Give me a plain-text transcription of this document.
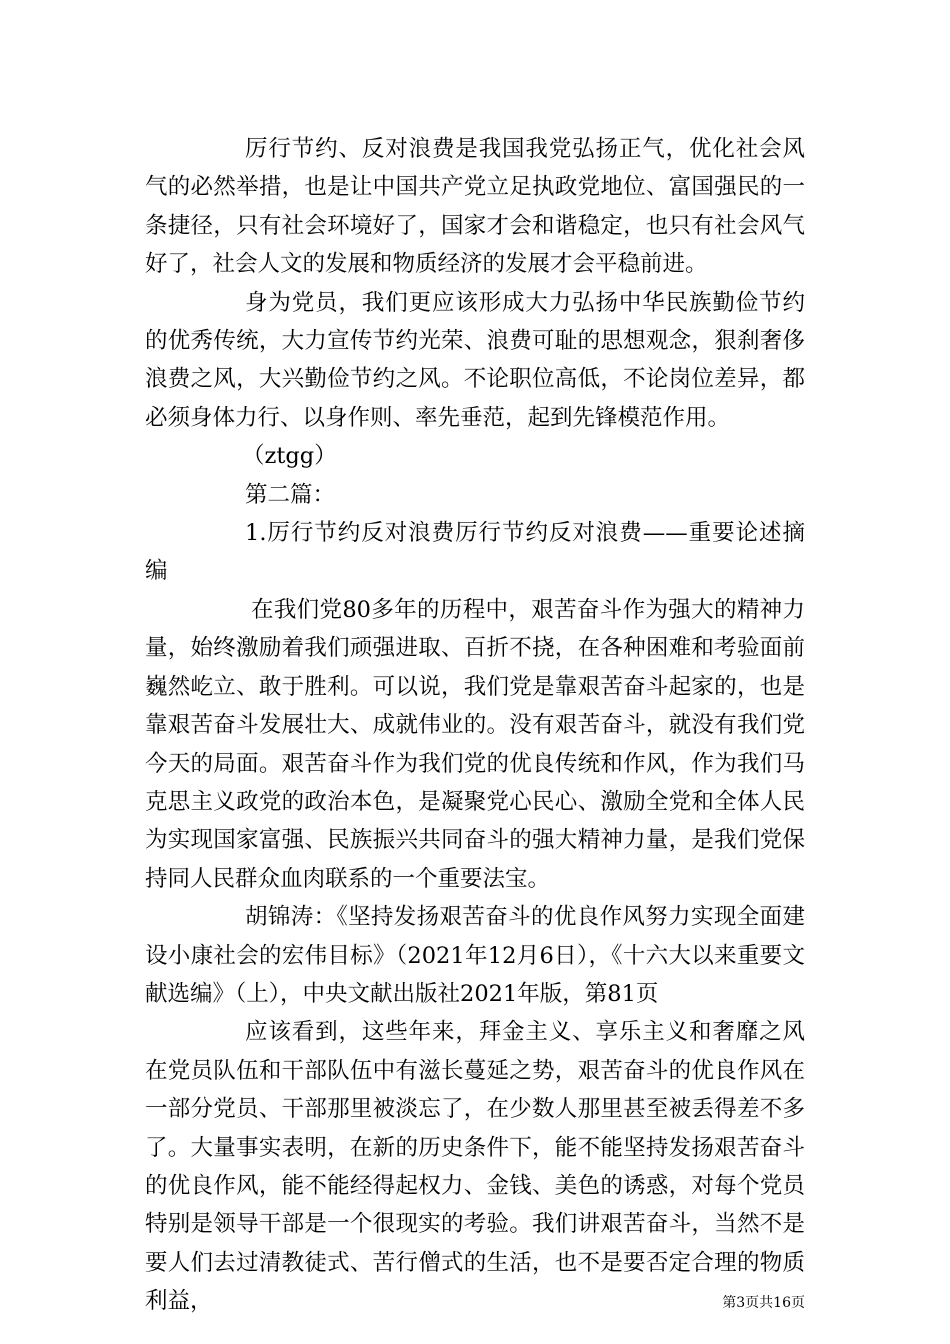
厉行节约、反对浪费是我国我党弘扬正气，优化社会风气的必然举措，也是让中国共产党立足执政党地位、富国强民的一条捷径，只有社会环境好了，国家才会和谐稳定，也只有社会风气好了，社会人文的发展和物质经济的发展才会平稳前进。

身为党员，我们更应该形成大力弘扬中华民族勤俭节约的优秀传统，大力宣传节约光荣、浪费可耻的思想观念，狠刹奢侈浪费之风，大兴勤俭节约之风。不论职位高低，不论岗位差异，都必须身体力行、以身作则、率先垂范，起到先锋模范作用。

（ztgg）

第二篇：

1.厉行节约反对浪费厉行节约反对浪费——重要论述摘编

在我们党80多年的历程中，艰苦奋斗作为强大的精神力量，始终激励着我们顽强进取、百折不挠，在各种困难和考验面前巍然屹立、敢于胜利。可以说，我们党是靠艰苦奋斗起家的，也是靠艰苦奋斗发展壮大、成就伟业的。没有艰苦奋斗，就没有我们党今天的局面。艰苦奋斗作为我们党的优良传统和作风，作为我们马克思主义政党的政治本色，是凝聚党心民心、激励全党和全体人民为实现国家富强、民族振兴共同奋斗的强大精神力量，是我们党保持同人民群众血肉联系的一个重要法宝。

胡锦涛：《坚持发扬艰苦奋斗的优良作风努力实现全面建设小康社会的宏伟目标》（2021年12月6日），《十六大以来重要文献选编》（上），中央文献出版社2021年版，第81页

应该看到，这些年来，拜金主义、享乐主义和奢靡之风在党员队伍和干部队伍中有滋长蔓延之势，艰苦奋斗的优良作风在一部分党员、干部那里被淡忘了，在少数人那里甚至被丢得差不多了。大量事实表明，在新的历史条件下，能不能坚持发扬艰苦奋斗的优良作风，能不能经得起权力、金钱、美色的诱惑，对每个党员特别是领导干部是一个很现实的考验。我们讲艰苦奋斗，当然不是要人们去过清教徒式、苦行僧式的生活，也不是要否定合理的物质利益，	第3页共16页
